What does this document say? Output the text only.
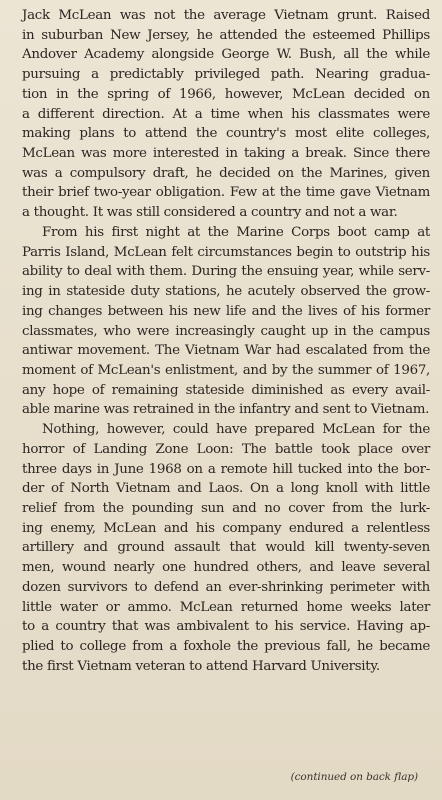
Jack McLean was not the average Vietnam grunt. Raised
in suburban New Jersey, he attended the esteemed Phillips
Andover Academy alongside George W. Bush, all the while
pursuing a predictably privileged path. Nearing gradua-
tion in the spring of 1966, however, McLean decided on
a different direction. At a time when his classmates were
making plans to attend the country's most elite colleges,
McLean was more interested in taking a break. Since there
was a compulsory draft, he decided on the Marines, given
their brief two-year obligation. Few at the time gave Vietnam
a thought. It was still considered a country and not a war.

From his first night at the Marine Corps boot camp at
Parris Island, McLean felt circumstances begin to outstrip his
ability to deal with them. During the ensuing year, while serv-
ing in stateside duty stations, he acutely observed the grow-
ing changes between his new life and the lives of his former
classmates, who were increasingly caught up in the campus
antiwar movement. The Vietnam War had escalated from the
moment of McLean's enlistment, and by the summer of 1967,
any hope of remaining stateside diminished as every avail-
able marine was retrained in the infantry and sent to Vietnam.

Nothing, however, could have prepared McLean for the
horror of Landing Zone Loon: The battle took place over
three days in June 1968 on a remote hill tucked into the bor-
der of North Vietnam and Laos. On a long knoll with little
relief from the pounding sun and no cover from the lurk-
ing enemy, McLean and his company endured a relentless
artillery and ground assault that would kill twenty-seven
men, wound nearly one hundred others, and leave several
dozen survivors to defend an ever-shrinking perimeter with
little water or ammo. McLean returned home weeks later
to a country that was ambivalent to his service. Having ap-
plied to college from a foxhole the previous fall, he became
the first Vietnam veteran to attend Harvard University.

(continued on back flap)
